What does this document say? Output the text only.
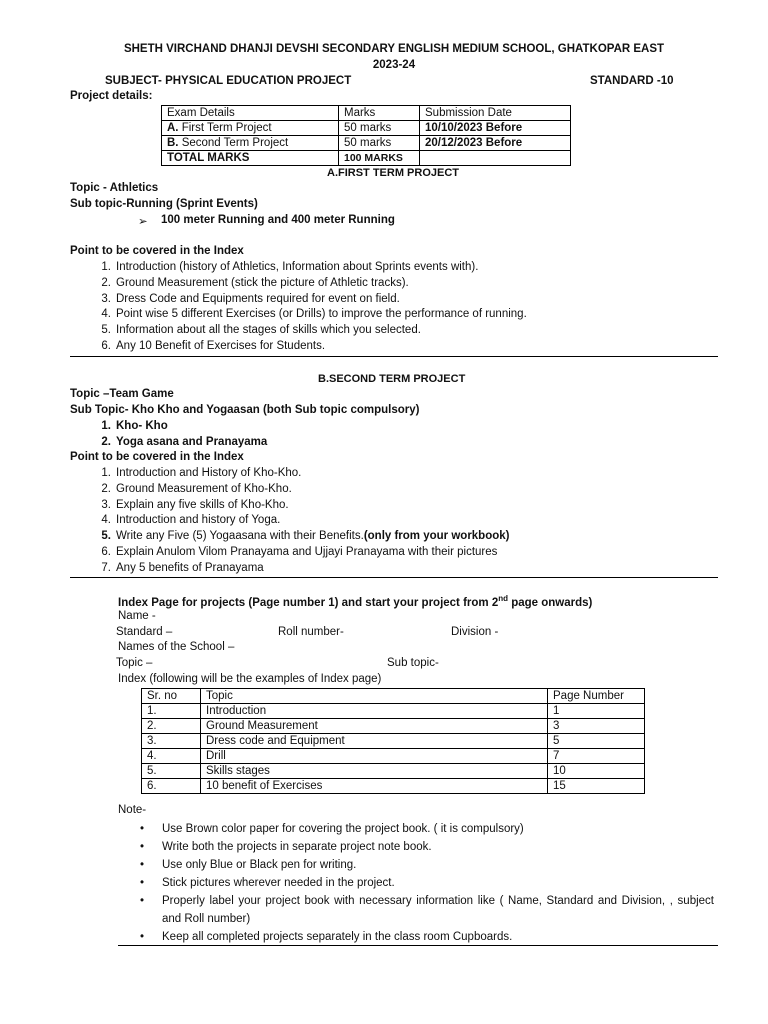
SHETH VIRCHAND DHANJI DEVSHI SECONDARY ENGLISH MEDIUM SCHOOL, GHATKOPAR EAST
2023-24
SUBJECT- PHYSICAL EDUCATION PROJECT	STANDARD -10
Project details:
Exam Details	Marks	Submission Date
A. First Term Project	50 marks	10/10/2023 Before
B. Second Term Project	50 marks	20/12/2023 Before
TOTAL MARKS	100 MARKS	
A.FIRST TERM PROJECT
Topic - Athletics
Sub topic-Running (Sprint Events)
➢ 100 meter Running and 400 meter Running
Point to be covered in the Index
1. Introduction (history of Athletics, Information about Sprints events with).
2. Ground Measurement (stick the picture of Athletic tracks).
3. Dress Code and Equipments required for event on field.
4. Point wise 5 different Exercises (or Drills) to improve the performance of running.
5. Information about all the stages of skills which you selected.
6. Any 10 Benefit of Exercises for Students.
B.SECOND TERM PROJECT
Topic –Team Game
Sub Topic- Kho Kho and Yogaasan (both Sub topic compulsory)
1. Kho- Kho
2. Yoga asana and Pranayama
Point to be covered in the Index
1. Introduction and History of Kho-Kho.
2. Ground Measurement of Kho-Kho.
3. Explain any five skills of Kho-Kho.
4. Introduction and history of Yoga.
5. Write any Five (5) Yogaasana with their Benefits.(only from your workbook)
6. Explain Anulom Vilom Pranayama and Ujjayi Pranayama with their pictures
7. Any 5 benefits of Pranayama
Index Page for projects (Page number 1) and start your project from 2nd page onwards)
Name -
Standard –	Roll number-	Division -
Names of the School –
Topic –	Sub topic-
Index (following will be the examples of Index page)
Sr. no	Topic	Page Number
1.	Introduction	1
2.	Ground Measurement	3
3.	Dress code and Equipment	5
4.	Drill	7
5.	Skills stages	10
6.	10 benefit of Exercises	15
Note-
• Use Brown color paper for covering the project book. ( it is compulsory)
• Write both the projects in separate project note book.
• Use only Blue or Black pen for writing.
• Stick pictures wherever needed in the project.
• Properly label your project book with necessary information like ( Name, Standard and Division, , subject and Roll number)
• Keep all completed projects separately in the class room Cupboards.
